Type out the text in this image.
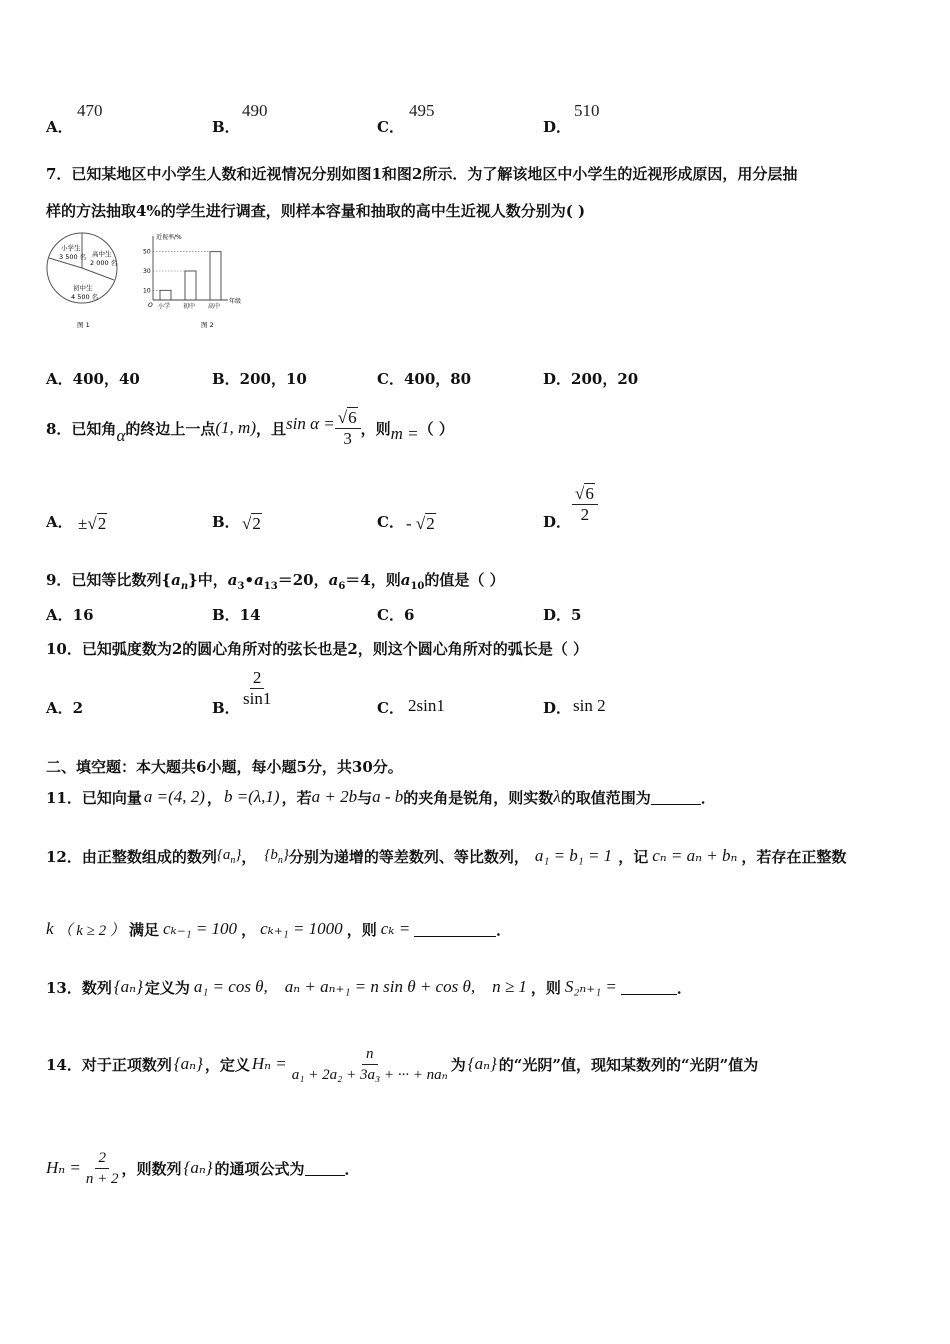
A．
470
B．
490
C．
495
D．
510
7．已知某地区中小学生人数和近视情况分别如图1和图2所示．为了解该地区中小学生的近视形成原因，用分层抽
样的方法抽取4%的学生进行调查，则样本容量和抽取的高中生近视人数分别为( )
小学生
3 500 名 高中生
2 000 名
初中生
4 500 名
图 1
近视率/%
年级
O
图 2
小学 初中 高中
50
30
10
A．400，40	B．200，10	C．400，80	D．200，20
8．已知角 α 的终边上一点 (1, m) ，且 $\sin \alpha = \frac{√6}{3}$ ，则 m = （ ）
A． ±√2	B． √2	C． - √2	D． $\frac{√6}{2}$
9．已知等比数列$\{a_n\}$中，$a_3•a_{13}=20$，$a_6=4$，则$a_{10}$的值是（ ）
A．16	B．14	C．6	D．5
10．已知弧度数为2的圆心角所对的弦长也是2，则这个圆心角所对的弧长是（ ）
A．2	B． $\frac{2}{\sin 1}$	C． 2sin1	D． sin 2
二、填空题：本大题共6小题，每小题5分，共30分。
11．已知向量 a =(4, 2) ， b =(λ,1) ，若 a + 2b 与 a - b 的夹角是锐角，则实数 λ 的取值范围为	．
12．由正整数组成的数列 $\{a_n\}$ ， $\{b_n\}$ 分别为递增的等差数列、等比数列， a₁ = b₁ = 1 ，记 cₙ = aₙ + bₙ ，若存在正整数
k （ k ≥ 2 ） 满足 cₖ₋₁ = 100 ， cₖ₊₁ = 1000 ，则 cₖ =	．
13．数列 {aₙ} 定义为 a₁ = cos θ,    aₙ + aₙ₊₁ = n sin θ + cos θ,    n ≥ 1 ，则 S₂ₙ₊₁ =	．
14．对于正项数列 {aₙ} ，定义 $H_n = \frac{n}{\text{a₁ + 2a₂ + 3a₃ + ··· + naₙ}}$ 为 {aₙ} 的“光阴”值，现知某数列的“光阴”值为
$H_n = \frac{2}{n + 2}$ ，则数列 {aₙ} 的通项公式为	．
